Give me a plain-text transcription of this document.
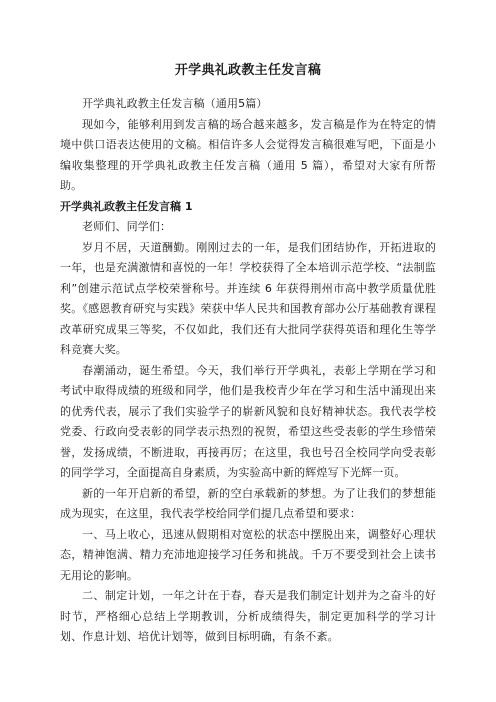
开学典礼政教主任发言稿

开学典礼政教主任发言稿（通用5篇）

现如今，能够利用到发言稿的场合越来越多，发言稿是作为在特定的情境中供口语表达使用的文稿。相信许多人会觉得发言稿很难写吧，下面是小编收集整理的开学典礼政教主任发言稿（通用 5 篇），希望对大家有所帮助。

开学典礼政教主任发言稿 1

老师们、同学们：

岁月不居，天道酬勤。刚刚过去的一年，是我们团结协作，开拓进取的一年，也是充满激情和喜悦的一年！学校获得了全本培训示范学校、“法制监利”创建示范试点学校荣誉称号。并连续 6 年获得荆州市高中教学质量优胜奖。《感恩教育研究与实践》荣获中华人民共和国教育部办公厅基础教育课程改革研究成果三等奖，不仅如此，我们还有大批同学获得英语和理化生等学科竞赛大奖。

春潮涌动，诞生希望。今天，我们举行开学典礼，表彰上学期在学习和考试中取得成绩的班级和同学，他们是我校青少年在学习和生活中涌现出来的优秀代表，展示了我们实验学子的崭新风貌和良好精神状态。我代表学校党委、行政向受表彰的同学表示热烈的祝贺，希望这些受表彰的学生珍惜荣誉，发扬成绩，不断进取，再接再厉；在这里，我也号召全校同学向受表彰的同学学习，全面提高自身素质，为实验高中新的辉煌写下光辉一页。

新的一年开启新的希望，新的空白承载新的梦想。为了让我们的梦想能成为现实，在这里，我代表学校给同学们提几点希望和要求：

一、马上收心，迅速从假期相对宽松的状态中摆脱出来，调整好心理状态，精神饱满、精力充沛地迎接学习任务和挑战。千万不要受到社会上读书无用论的影响。

二、制定计划，一年之计在于春，春天是我们制定计划并为之奋斗的好时节，严格细心总结上学期教训，分析成绩得失，制定更加科学的学习计划、作息计划、培优计划等，做到目标明确，有条不紊。
